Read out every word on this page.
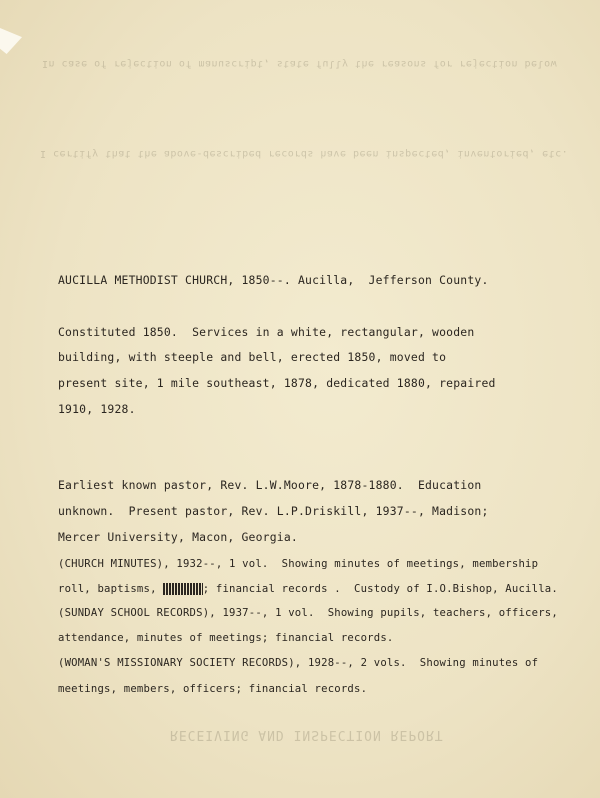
In case of rejection of manuscript, state fully the reasons for rejection below
I certify that the above-described records have been inspected, inventoried, etc.
RECEIVING AND INSPECTION REPORT
AUCILLA METHODIST CHURCH, 1850--. Aucilla,  Jefferson County.
Constituted 1850.  Services in a white, rectangular, wooden
building, with steeple and bell, erected 1850, moved to
present site, 1 mile southeast, 1878, dedicated 1880, repaired
1910, 1928.
Earliest known pastor, Rev. L.W.Moore, 1878-1880.  Education
unknown.  Present pastor, Rev. L.P.Driskill, 1937--, Madison;
Mercer University, Macon, Georgia.
(CHURCH MINUTES), 1932--, 1 vol.  Showing minutes of meetings, membership
roll, baptisms,	; financial records .  Custody of I.O.Bishop, Aucilla.
(SUNDAY SCHOOL RECORDS), 1937--, 1 vol.  Showing pupils, teachers, officers,
attendance, minutes of meetings; financial records.
(WOMAN'S MISSIONARY SOCIETY RECORDS), 1928--, 2 vols.  Showing minutes of
meetings, members, officers; financial records.
